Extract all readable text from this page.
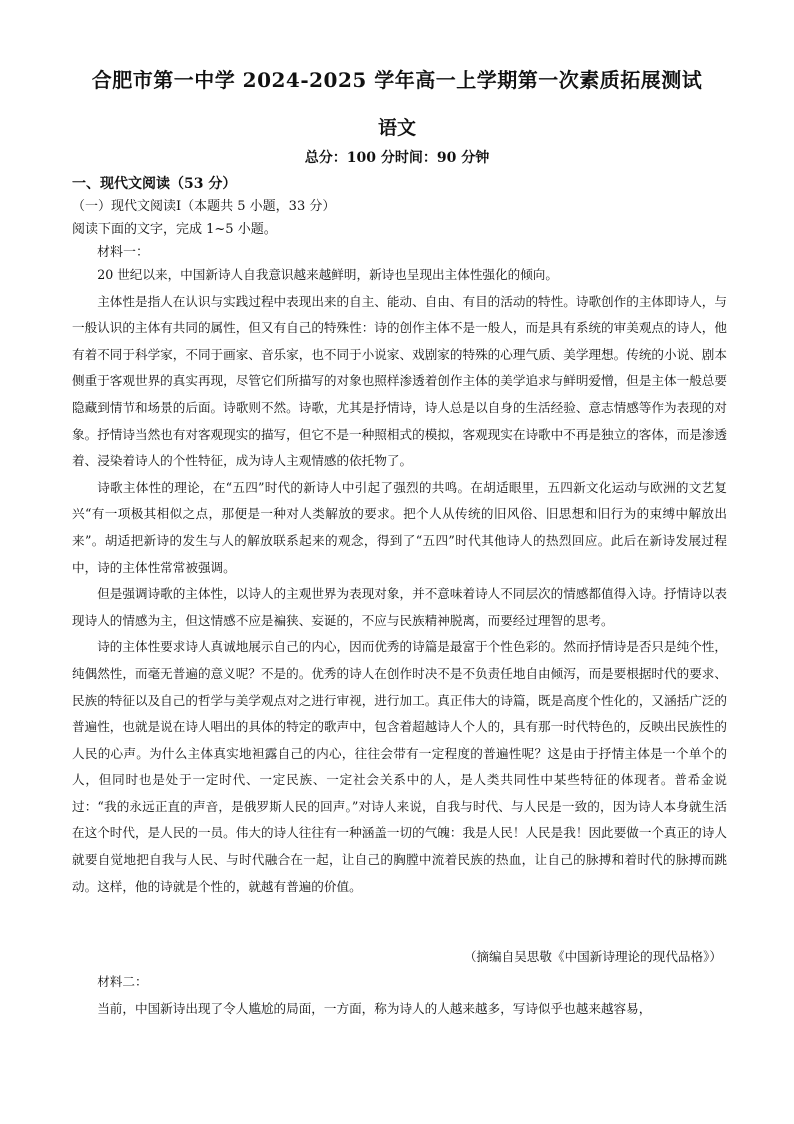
合肥市第一中学 2024-2025 学年高一上学期第一次素质拓展测试
语文
总分：100 分时间：90 分钟
一、现代文阅读（53 分）
（一）现代文阅读Ⅰ（本题共 5 小题，33 分）
阅读下面的文字，完成 1~5 小题。
材料一：

20 世纪以来，中国新诗人自我意识越来越鲜明，新诗也呈现出主体性强化的倾向。

主体性是指人在认识与实践过程中表现出来的自主、能动、自由、有目的活动的特性。诗歌创作的主体即诗人，与一般认识的主体有共同的属性，但又有自己的特殊性：诗的创作主体不是一般人，而是具有系统的审美观点的诗人，他有着不同于科学家，不同于画家、音乐家，也不同于小说家、戏剧家的特殊的心理气质、美学理想。传统的小说、剧本侧重于客观世界的真实再现，尽管它们所描写的对象也照样渗透着创作主体的美学追求与鲜明爱憎，但是主体一般总要隐藏到情节和场景的后面。诗歌则不然。诗歌，尤其是抒情诗，诗人总是以自身的生活经验、意志情感等作为表现的对象。抒情诗当然也有对客观现实的描写，但它不是一种照相式的模拟，客观现实在诗歌中不再是独立的客体，而是渗透着、浸染着诗人的个性特征，成为诗人主观情感的依托物了。

诗歌主体性的理论，在“五四”时代的新诗人中引起了强烈的共鸣。在胡适眼里，五四新文化运动与欧洲的文艺复兴“有一项极其相似之点，那便是一种对人类解放的要求。把个人从传统的旧风俗、旧思想和旧行为的束缚中解放出来”。胡适把新诗的发生与人的解放联系起来的观念，得到了“五四”时代其他诗人的热烈回应。此后在新诗发展过程中，诗的主体性常常被强调。

但是强调诗歌的主体性，以诗人的主观世界为表现对象，并不意味着诗人不同层次的情感都值得入诗。抒情诗以表现诗人的情感为主，但这情感不应是褊狭、妄诞的，不应与民族精神脱离，而要经过理智的思考。

诗的主体性要求诗人真诚地展示自己的内心，因而优秀的诗篇是最富于个性色彩的。然而抒情诗是否只是纯个性，纯偶然性，而毫无普遍的意义呢？不是的。优秀的诗人在创作时决不是不负责任地自由倾泻，而是要根据时代的要求、民族的特征以及自己的哲学与美学观点对之进行审视，进行加工。真正伟大的诗篇，既是高度个性化的，又涵括广泛的普遍性，也就是说在诗人唱出的具体的特定的歌声中，包含着超越诗人个人的，具有那一时代特色的，反映出民族性的人民的心声。为什么主体真实地袒露自己的内心，往往会带有一定程度的普遍性呢？这是由于抒情主体是一个单个的人，但同时也是处于一定时代、一定民族、一定社会关系中的人，是人类共同性中某些特征的体现者。普希金说过：“我的永远正直的声音，是俄罗斯人民的回声。”对诗人来说，自我与时代、与人民是一致的，因为诗人本身就生活在这个时代，是人民的一员。伟大的诗人往往有一种涵盖一切的气魄：我是人民！人民是我！因此要做一个真正的诗人就要自觉地把自我与人民、与时代融合在一起，让自己的胸膛中流着民族的热血，让自己的脉搏和着时代的脉搏而跳动。这样，他的诗就是个性的，就越有普遍的价值。

（摘编自吴思敬《中国新诗理论的现代品格》）

材料二：

当前，中国新诗出现了令人尴尬的局面，一方面，称为诗人的人越来越多，写诗似乎也越来越容易，
